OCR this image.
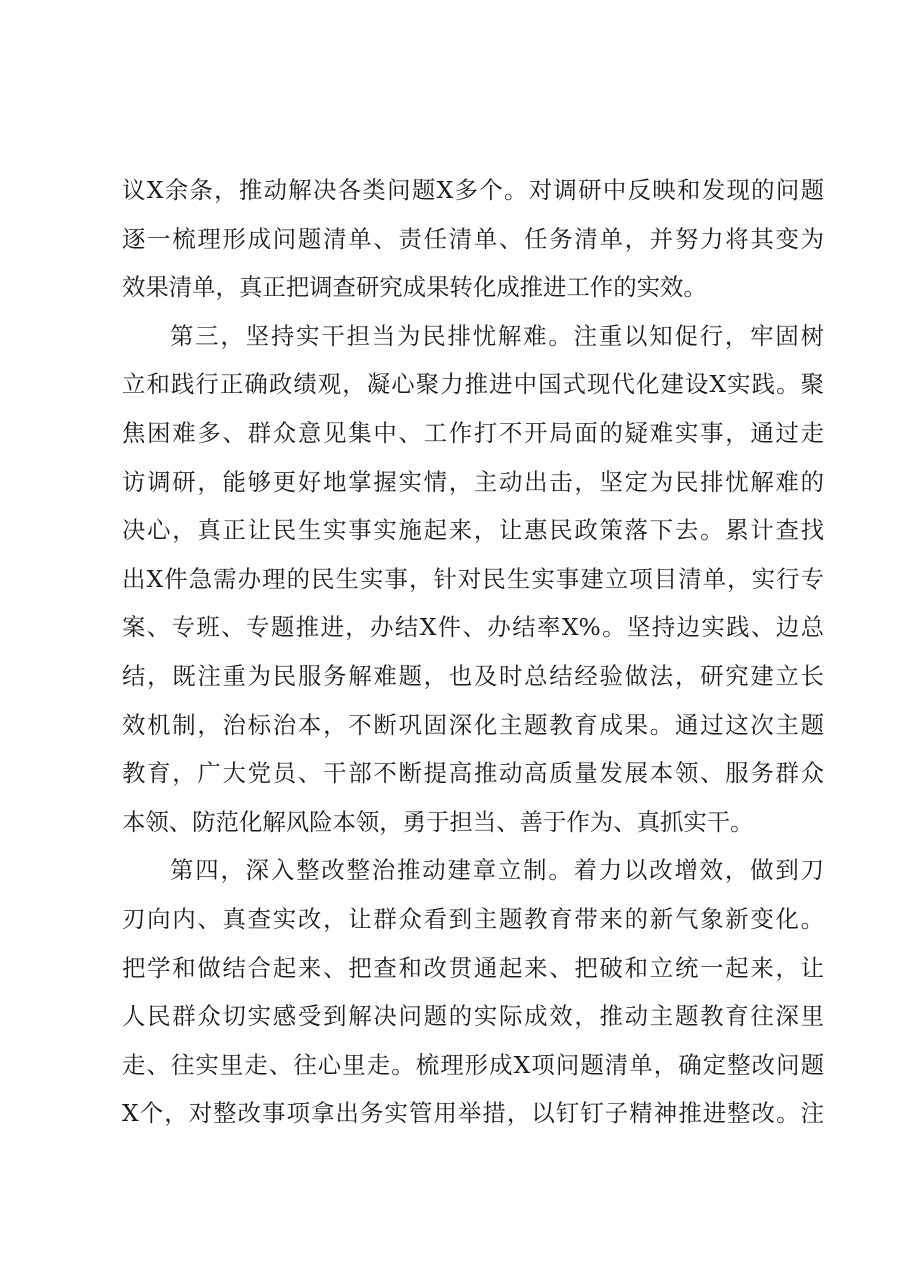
议X余条，推动解决各类问题X多个。对调研中反映和发现的问题
逐一梳理形成问题清单、责任清单、任务清单，并努力将其变为
效果清单，真正把调查研究成果转化成推进工作的实效。
第三，坚持实干担当为民排忧解难。注重以知促行，牢固树
立和践行正确政绩观，凝心聚力推进中国式现代化建设X实践。聚
焦困难多、群众意见集中、工作打不开局面的疑难实事，通过走
访调研，能够更好地掌握实情，主动出击，坚定为民排忧解难的
决心，真正让民生实事实施起来，让惠民政策落下去。累计查找
出X件急需办理的民生实事，针对民生实事建立项目清单，实行专
案、专班、专题推进，办结X件、办结率X%。坚持边实践、边总
结，既注重为民服务解难题，也及时总结经验做法，研究建立长
效机制，治标治本，不断巩固深化主题教育成果。通过这次主题
教育，广大党员、干部不断提高推动高质量发展本领、服务群众
本领、防范化解风险本领，勇于担当、善于作为、真抓实干。
第四，深入整改整治推动建章立制。着力以改增效，做到刀
刃向内、真查实改，让群众看到主题教育带来的新气象新变化。
把学和做结合起来、把查和改贯通起来、把破和立统一起来，让
人民群众切实感受到解决问题的实际成效，推动主题教育往深里
走、往实里走、往心里走。梳理形成X项问题清单，确定整改问题
X个，对整改事项拿出务实管用举措，以钉钉子精神推进整改。注
